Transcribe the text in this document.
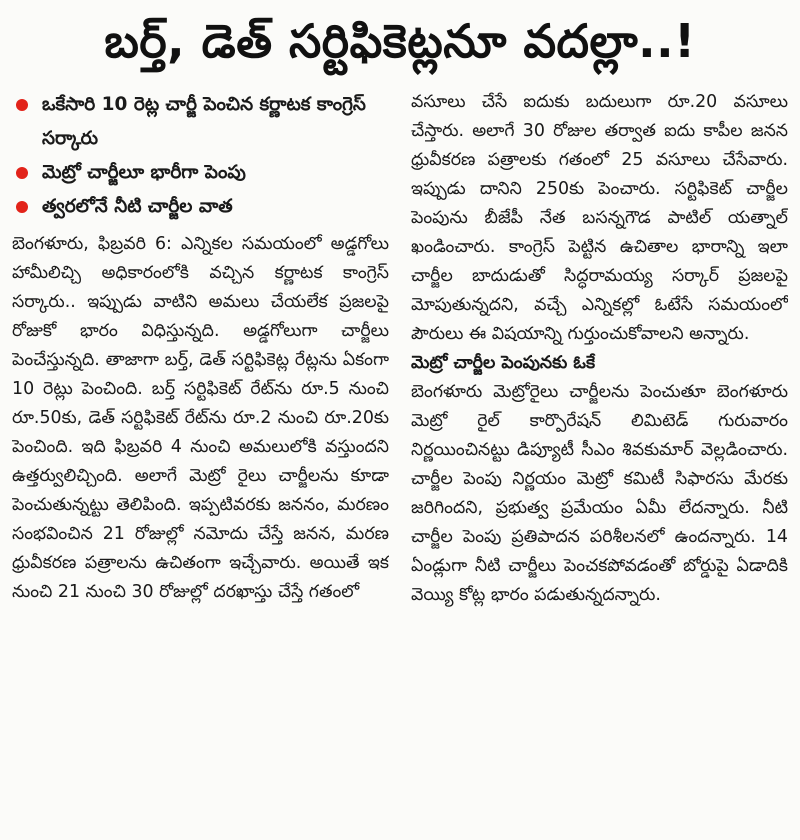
బర్త్, డెత్ సర్టిఫికెట్లనూ వదల్లా..!
ఒకేసారి 10 రెట్ల చార్జీ పెంచిన కర్ణాటక కాంగ్రెస్ సర్కారు
మెట్రో చార్జీలూ భారీగా పెంపు
త్వరలోనే నీటి చార్జీల వాత

బెంగళూరు, ఫిబ్రవరి 6: ఎన్నికల సమయంలో అడ్డగోలు హామీలిచ్చి అధికారంలోకి వచ్చిన కర్ణాటక కాంగ్రెస్ సర్కారు.. ఇప్పుడు వాటిని అమలు చేయలేక ప్రజలపై రోజుకో భారం విధిస్తున్నది. అడ్డగోలుగా చార్జీలు పెంచేస్తున్నది. తాజాగా బర్త్, డెత్ సర్టిఫికెట్ల రేట్లను ఏకంగా 10 రెట్లు పెంచింది. బర్త్ సర్టిఫికెట్ రేట్‌ను రూ.5 నుంచి రూ.50కు, డెత్ సర్టిఫికెట్ రేట్‌ను రూ.2 నుంచి రూ.20కు పెంచింది. ఇది ఫిబ్రవరి 4 నుంచి అమలులోకి వస్తుందని ఉత్తర్వులిచ్చింది. అలాగే మెట్రో రైలు చార్జీలను కూడా పెంచుతున్నట్టు తెలిపింది. ఇప్పటివరకు జననం, మరణం సంభవించిన 21 రోజుల్లో నమోదు చేస్తే జనన, మరణ ధ్రువీకరణ పత్రాలను ఉచితంగా ఇచ్చేవారు. అయితే ఇక నుంచి 21 నుంచి 30 రోజుల్లో దరఖాస్తు చేస్తే గతంలో

వసూలు చేసే ఐదుకు బదులుగా రూ.20 వసూలు చేస్తారు. అలాగే 30 రోజుల తర్వాత ఐదు కాపీల జనన ధ్రువీకరణ పత్రాలకు గతంలో 25 వసూలు చేసేవారు. ఇప్పుడు దానిని 250కు పెంచారు. సర్టిఫికెట్ చార్జీల పెంపును బీజేపీ నేత బసన్నగౌడ పాటిల్ యత్నాల్ ఖండించారు. కాంగ్రెస్ పెట్టిన ఉచితాల భారాన్ని ఇలా చార్జీల బాదుడుతో సిద్ధరామయ్య సర్కార్ ప్రజలపై మోపుతున్నదని, వచ్చే ఎన్నికల్లో ఓటేసే సమయంలో పౌరులు ఈ విషయాన్ని గుర్తుంచుకోవాలని అన్నారు.

మెట్రో చార్జీల పెంపునకు ఓకే

బెంగళూరు మెట్రోరైలు చార్జీలను పెంచుతూ బెంగళూరు మెట్రో రైల్ కార్పొరేషన్ లిమిటెడ్ గురువారం నిర్ణయించినట్టు డిప్యూటీ సీఎం శివకుమార్ వెల్లడించారు. చార్జీల పెంపు నిర్ణయం మెట్రో కమిటీ సిఫారసు మేరకు జరిగిందని, ప్రభుత్వ ప్రమేయం ఏమీ లేదన్నారు. నీటి చార్జీల పెంపు ప్రతిపాదన పరిశీలనలో ఉందన్నారు. 14 ఏండ్లుగా నీటి చార్జీలు పెంచకపోవడంతో బోర్డుపై ఏడాదికి వెయ్యి కోట్ల భారం పడుతున్నదన్నారు.
